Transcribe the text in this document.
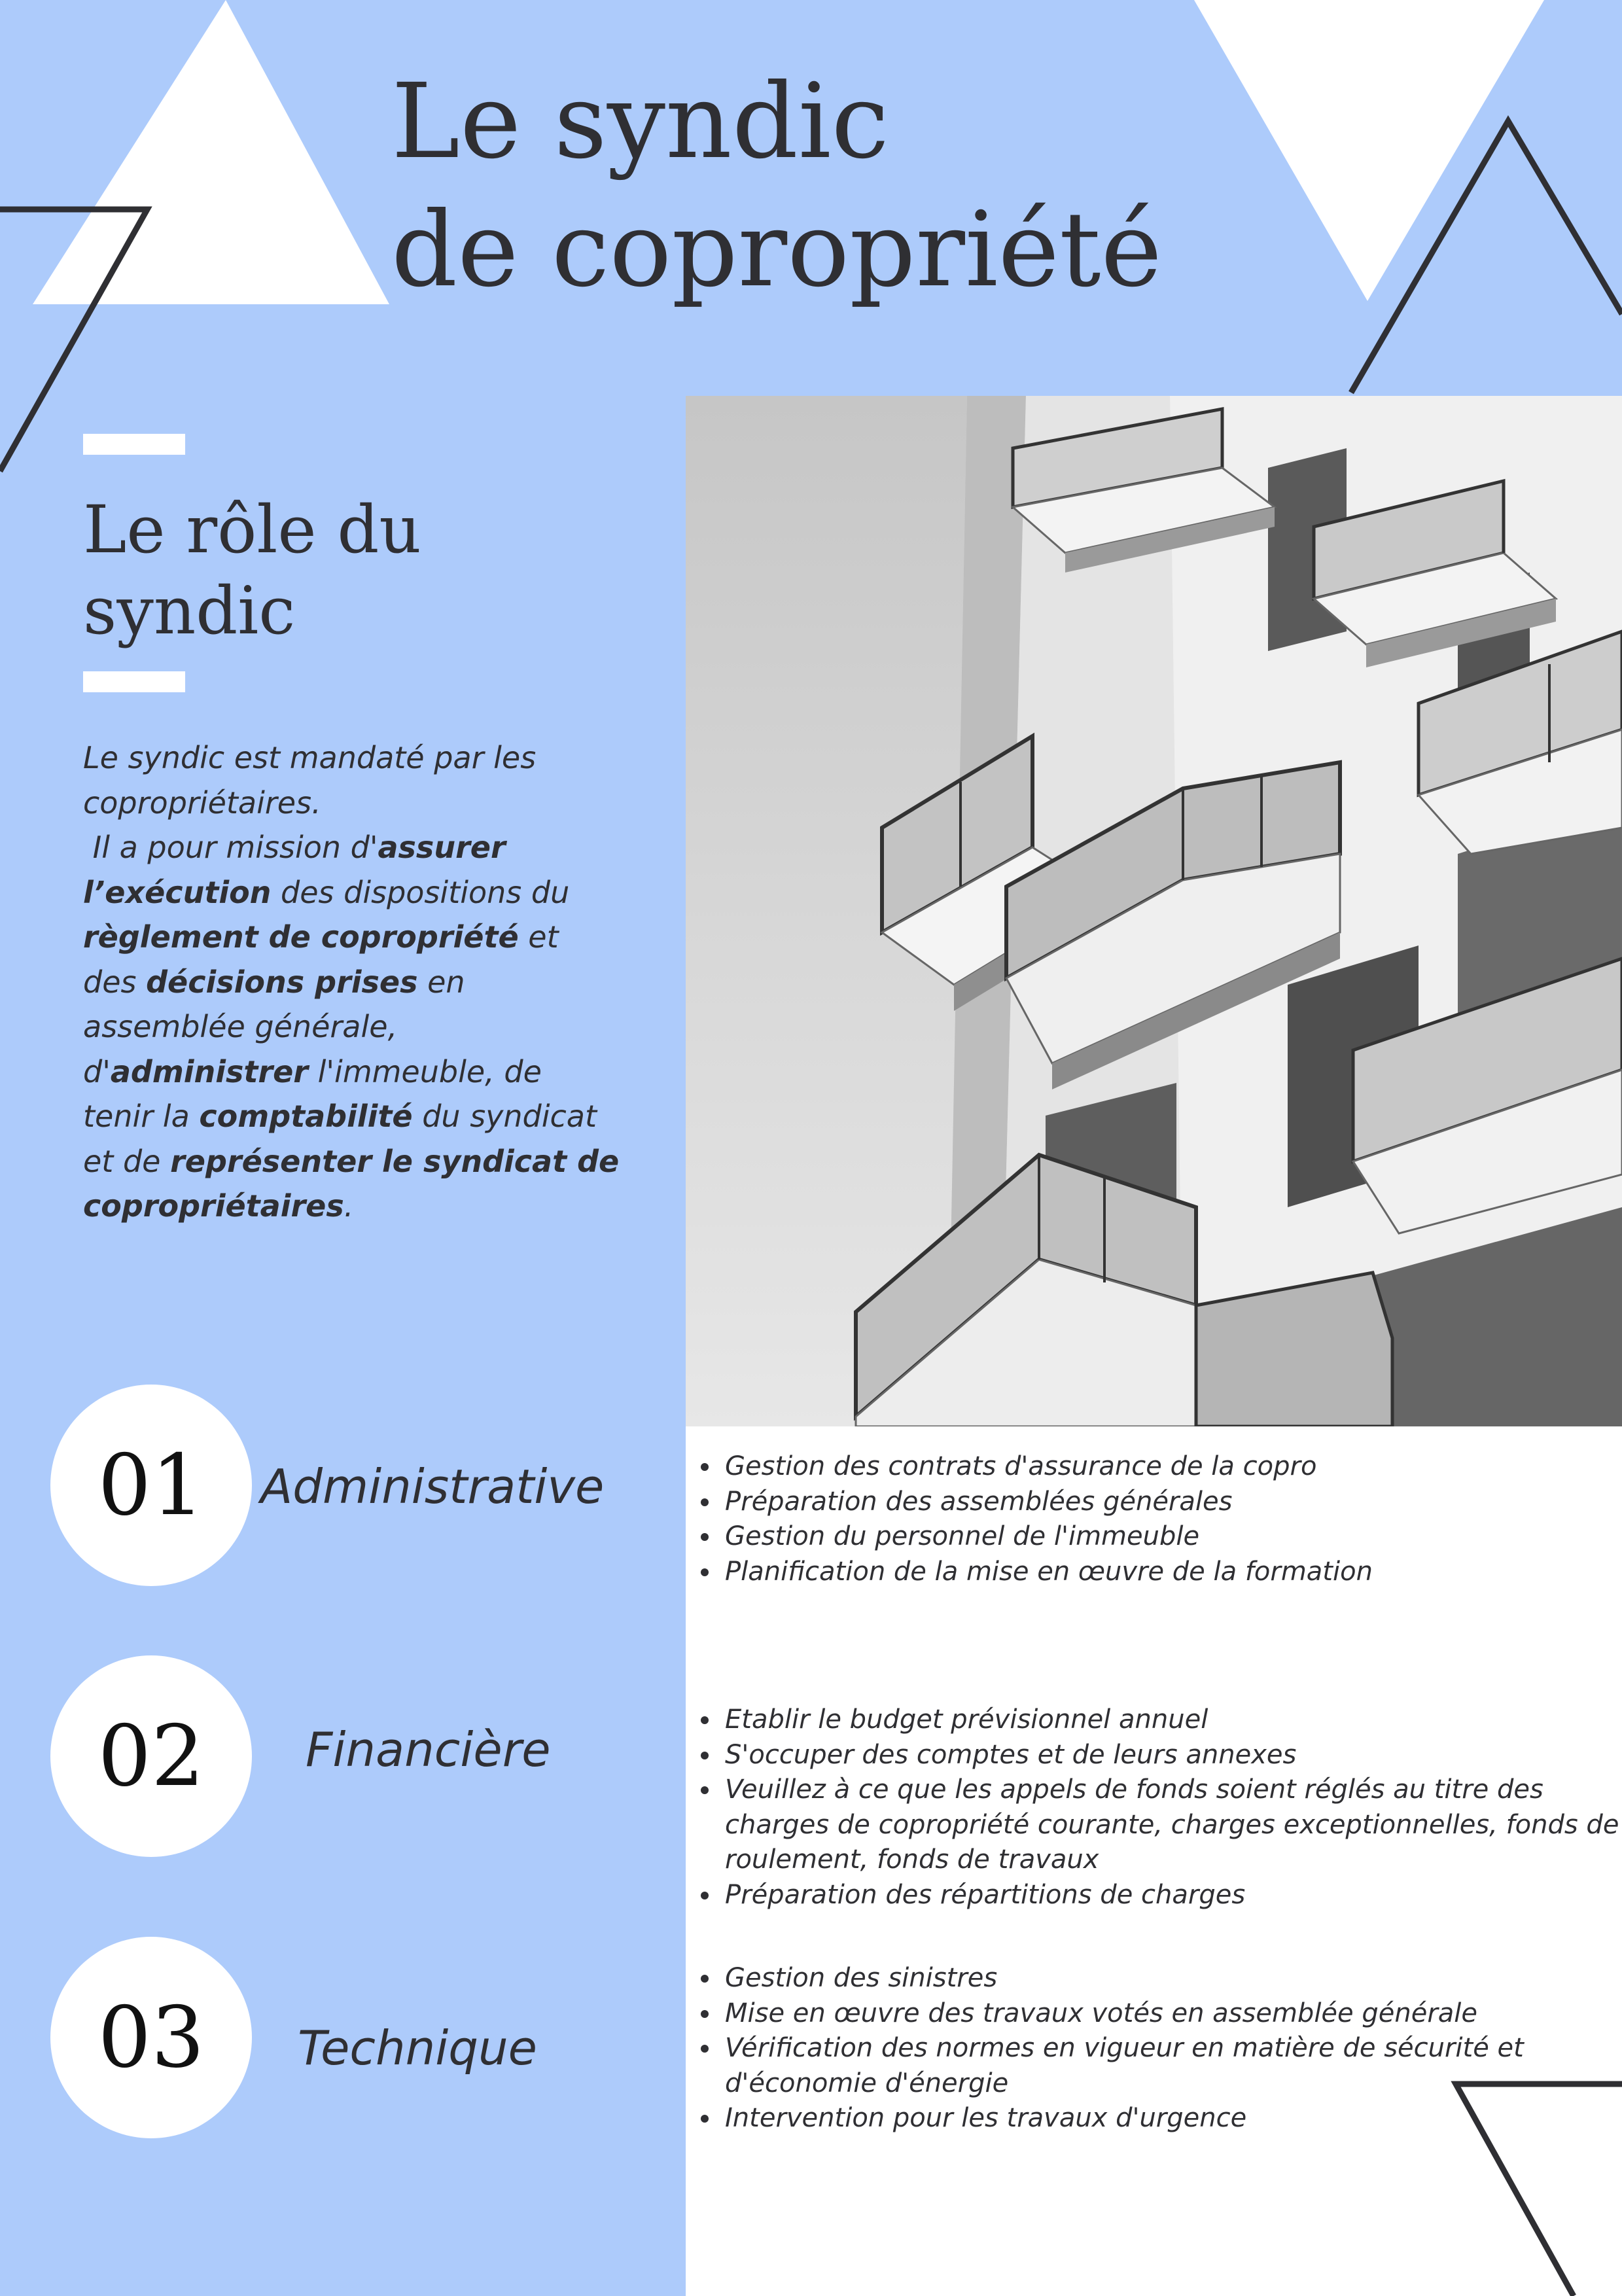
Le syndic
de copropriété
Le rôle du
syndic

Le syndic est mandaté par les copropriétaires.
Il a pour mission d'assurer l’exécution des dispositions du règlement de copropriété et des décisions prises en assemblée générale, d'administrer l'immeuble, de tenir la comptabilité du syndicat et de représenter le syndicat de copropriétaires.

01	Administrative
•	Gestion des contrats d'assurance de la copro
• Préparation des assemblées générales
• Gestion du personnel de l'immeuble
• Planification de la mise en œuvre de la formation
02	Financière
• Etablir le budget prévisionnel annuel
• S'occuper des comptes et de leurs annexes
• Veuillez à ce que les appels de fonds soient réglés au titre des charges de copropriété courante, charges exceptionnelles, fonds de roulement, fonds de travaux
• Préparation des répartitions de charges
03	Technique
• Gestion des sinistres
• Mise en œuvre des travaux votés en assemblée générale
• Vérification des normes en vigueur en matière de sécurité et d'économie d'énergie
• Intervention pour les travaux d'urgence
